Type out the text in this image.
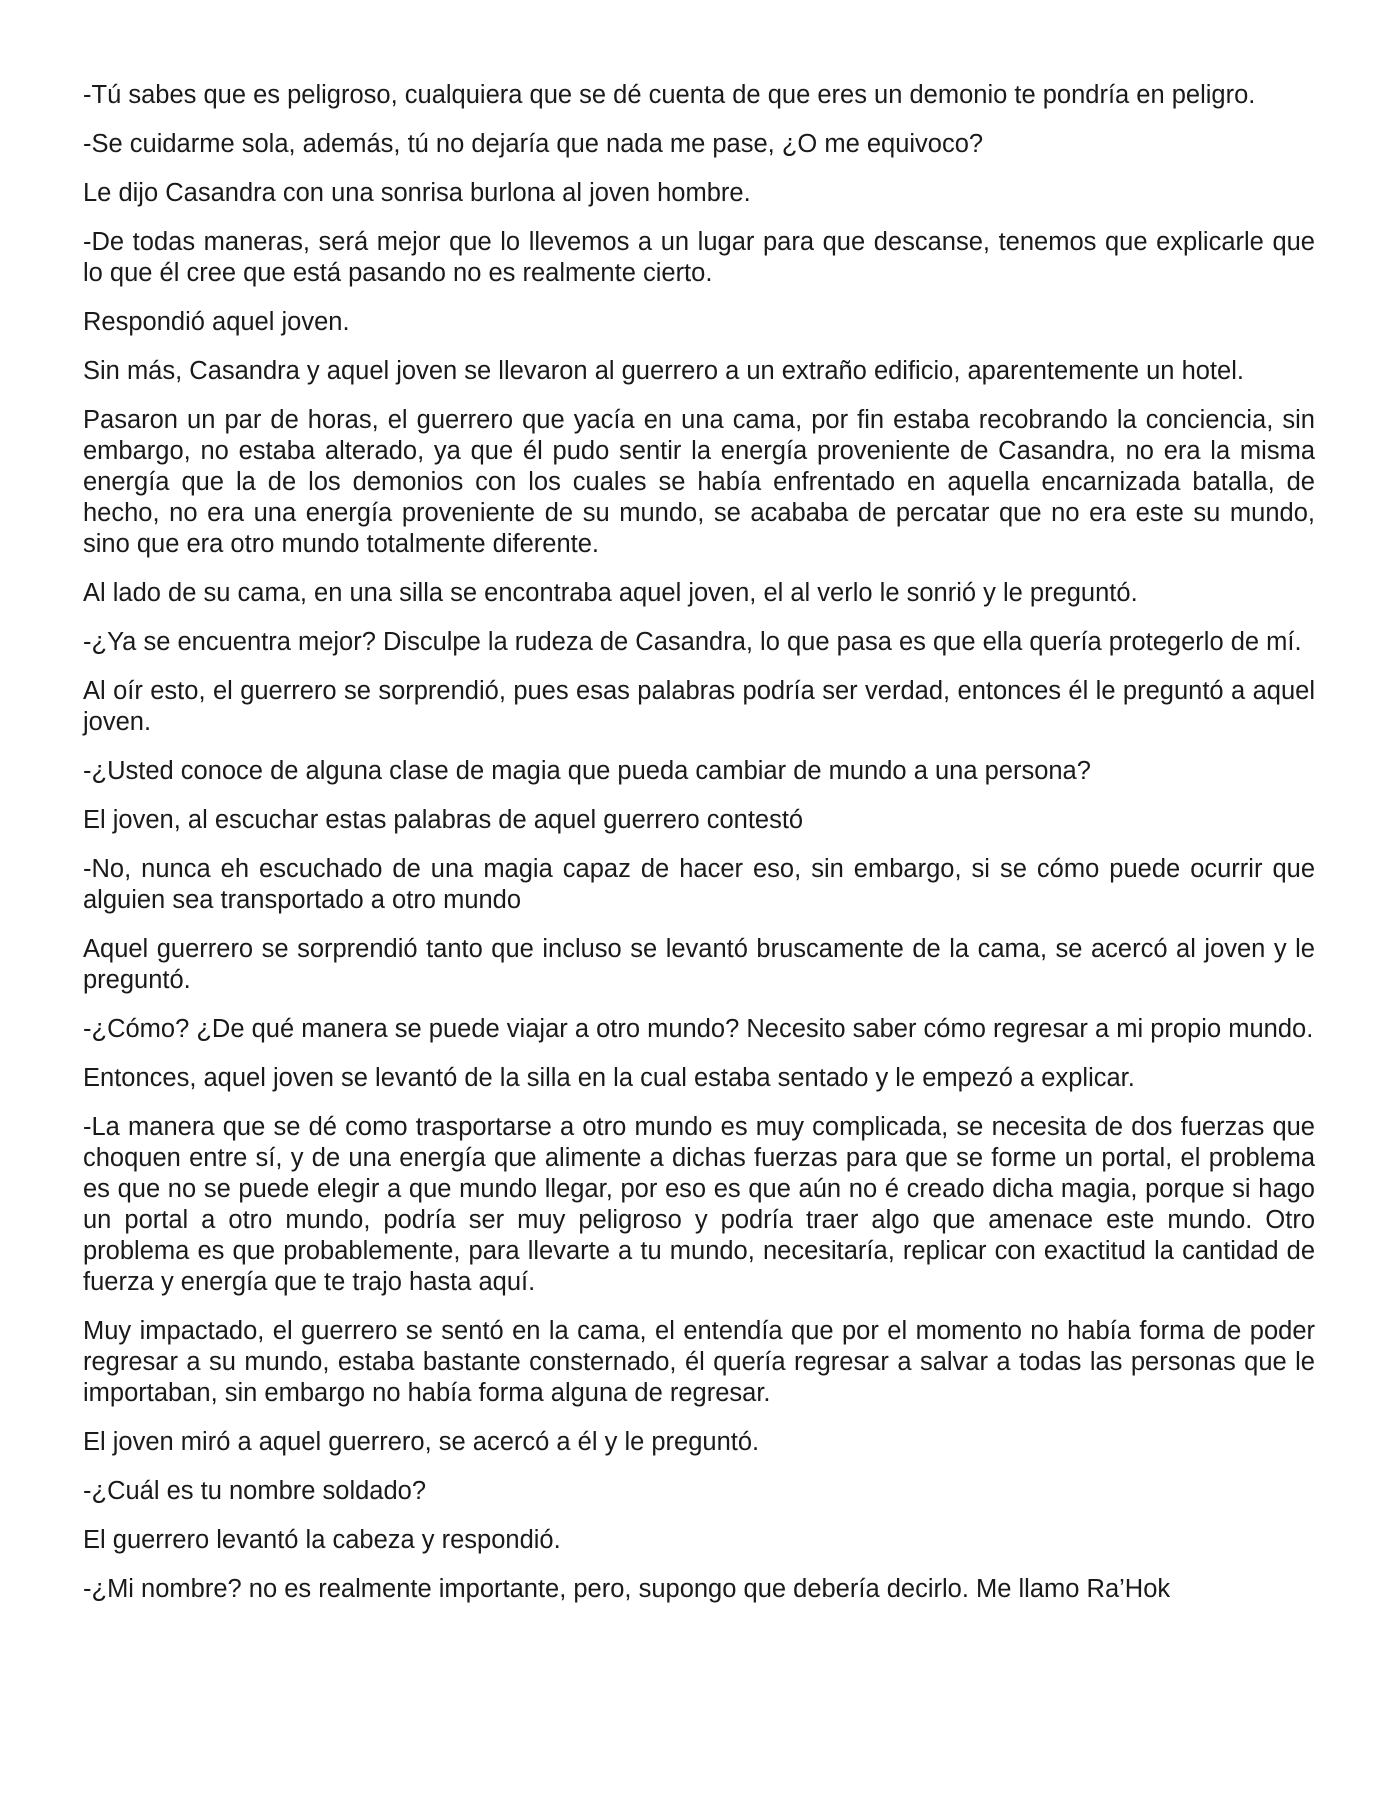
-Tú sabes que es peligroso, cualquiera que se dé cuenta de que eres un demonio te pondría en peligro.

-Se cuidarme sola, además, tú no dejaría que nada me pase, ¿O me equivoco?

Le dijo Casandra con una sonrisa burlona al joven hombre.

-De todas maneras, será mejor que lo llevemos a un lugar para que descanse, tenemos que explicarle que lo que él cree que está pasando no es realmente cierto.

Respondió aquel joven.

Sin más, Casandra y aquel joven se llevaron al guerrero a un extraño edificio, aparentemente un hotel.

Pasaron un par de horas, el guerrero que yacía en una cama, por fin estaba recobrando la conciencia, sin embargo, no estaba alterado, ya que él pudo sentir la energía proveniente de Casandra, no era la misma energía que la de los demonios con los cuales se había enfrentado en aquella encarnizada batalla, de hecho, no era una energía proveniente de su mundo, se acababa de percatar que no era este su mundo, sino que era otro mundo totalmente diferente.

Al lado de su cama, en una silla se encontraba aquel joven, el al verlo le sonrió y le preguntó.

-¿Ya se encuentra mejor? Disculpe la rudeza de Casandra, lo que pasa es que ella quería protegerlo de mí.

Al oír esto, el guerrero se sorprendió, pues esas palabras podría ser verdad, entonces él le preguntó a aquel joven.

-¿Usted conoce de alguna clase de magia que pueda cambiar de mundo a una persona?

El joven, al escuchar estas palabras de aquel guerrero contestó

-No, nunca eh escuchado de una magia capaz de hacer eso, sin embargo, si se cómo puede ocurrir que alguien sea transportado a otro mundo

Aquel guerrero se sorprendió tanto que incluso se levantó bruscamente de la cama, se acercó al joven y le preguntó.

-¿Cómo? ¿De qué manera se puede viajar a otro mundo? Necesito saber cómo regresar a mi propio mundo.

Entonces, aquel joven se levantó de la silla en la cual estaba sentado y le empezó a explicar.

-La manera que se dé como trasportarse a otro mundo es muy complicada, se necesita de dos fuerzas que choquen entre sí, y de una energía que alimente a dichas fuerzas para que se forme un portal, el problema es que no se puede elegir a que mundo llegar, por eso es que aún no é creado dicha magia, porque si hago un portal a otro mundo, podría ser muy peligroso y podría traer algo que amenace este mundo. Otro problema es que probablemente, para llevarte a tu mundo, necesitaría, replicar con exactitud la cantidad de fuerza y energía que te trajo hasta aquí.

Muy impactado, el guerrero se sentó en la cama, el entendía que por el momento no había forma de poder regresar a su mundo, estaba bastante consternado, él quería regresar a salvar a todas las personas que le importaban, sin embargo no había forma alguna de regresar.

El joven miró a aquel guerrero, se acercó a él y le preguntó.

-¿Cuál es tu nombre soldado?

El guerrero levantó la cabeza y respondió.

-¿Mi nombre? no es realmente importante, pero, supongo que debería decirlo. Me llamo Ra’Hok
